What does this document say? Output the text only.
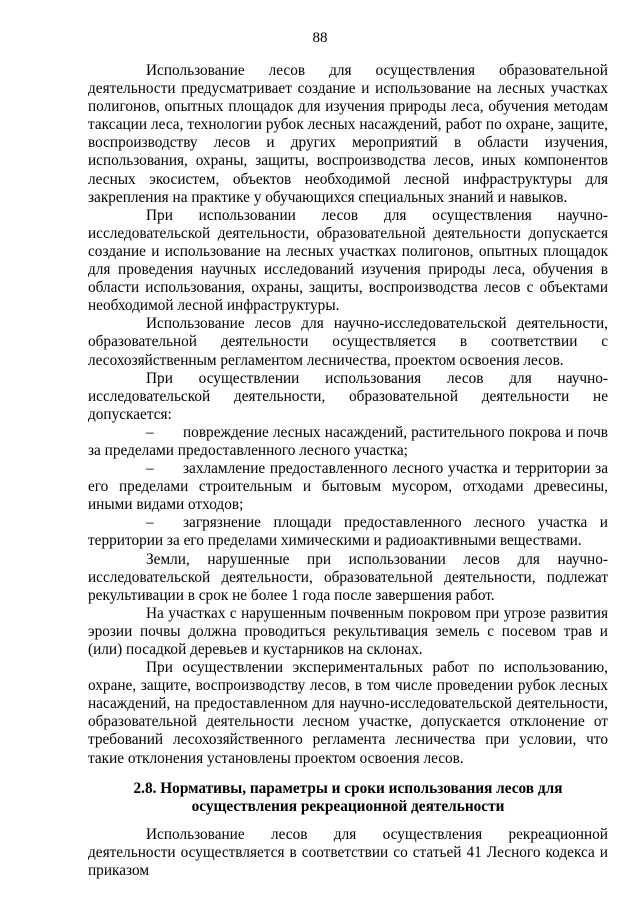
88

Использование лесов для осуществления образовательной деятельности предусматривает создание и использование на лесных участках полигонов, опытных площадок для изучения природы леса, обучения методам таксации леса, технологии рубок лесных насаждений, работ по охране, защите, воспроизводству лесов и других мероприятий в области изучения, использования, охраны, защиты, воспроизводства лесов, иных компонентов лесных экосистем, объектов необходимой лесной инфраструктуры для закрепления на практике у обучающихся специальных знаний и навыков.

При использовании лесов для осуществления научно-исследовательской деятельности, образовательной деятельности допускается создание и использование на лесных участках полигонов, опытных площадок для проведения научных исследований изучения природы леса, обучения в области использования, охраны, защиты, воспроизводства лесов с объектами необходимой лесной инфраструктуры.

Использование лесов для научно-исследовательской деятельности, образовательной деятельности осуществляется в соответствии с лесохозяйственным регламентом лесничества, проектом освоения лесов.

При осуществлении использования лесов для научно-исследовательской деятельности, образовательной деятельности не допускается:

– повреждение лесных насаждений, растительного покрова и почв за пределами предоставленного лесного участка;

– захламление предоставленного лесного участка и территории за его пределами строительным и бытовым мусором, отходами древесины, иными видами отходов;

– загрязнение площади предоставленного лесного участка и территории за его пределами химическими и радиоактивными веществами.

Земли, нарушенные при использовании лесов для научно-исследовательской деятельности, образовательной деятельности, подлежат рекультивации в срок не более 1 года после завершения работ.

На участках с нарушенным почвенным покровом при угрозе развития эрозии почвы должна проводиться рекультивация земель с посевом трав и (или) посадкой деревьев и кустарников на склонах.

При осуществлении экспериментальных работ по использованию, охране, защите, воспроизводству лесов, в том числе проведении рубок лесных насаждений, на предоставленном для научно-исследовательской деятельности, образовательной деятельности лесном участке, допускается отклонение от требований лесохозяйственного регламента лесничества при условии, что такие отклонения установлены проектом освоения лесов.

2.8. Нормативы, параметры и сроки использования лесов для
осуществления рекреационной деятельности

Использование лесов для осуществления рекреационной деятельности осуществляется в соответствии со статьей 41 Лесного кодекса и приказом
